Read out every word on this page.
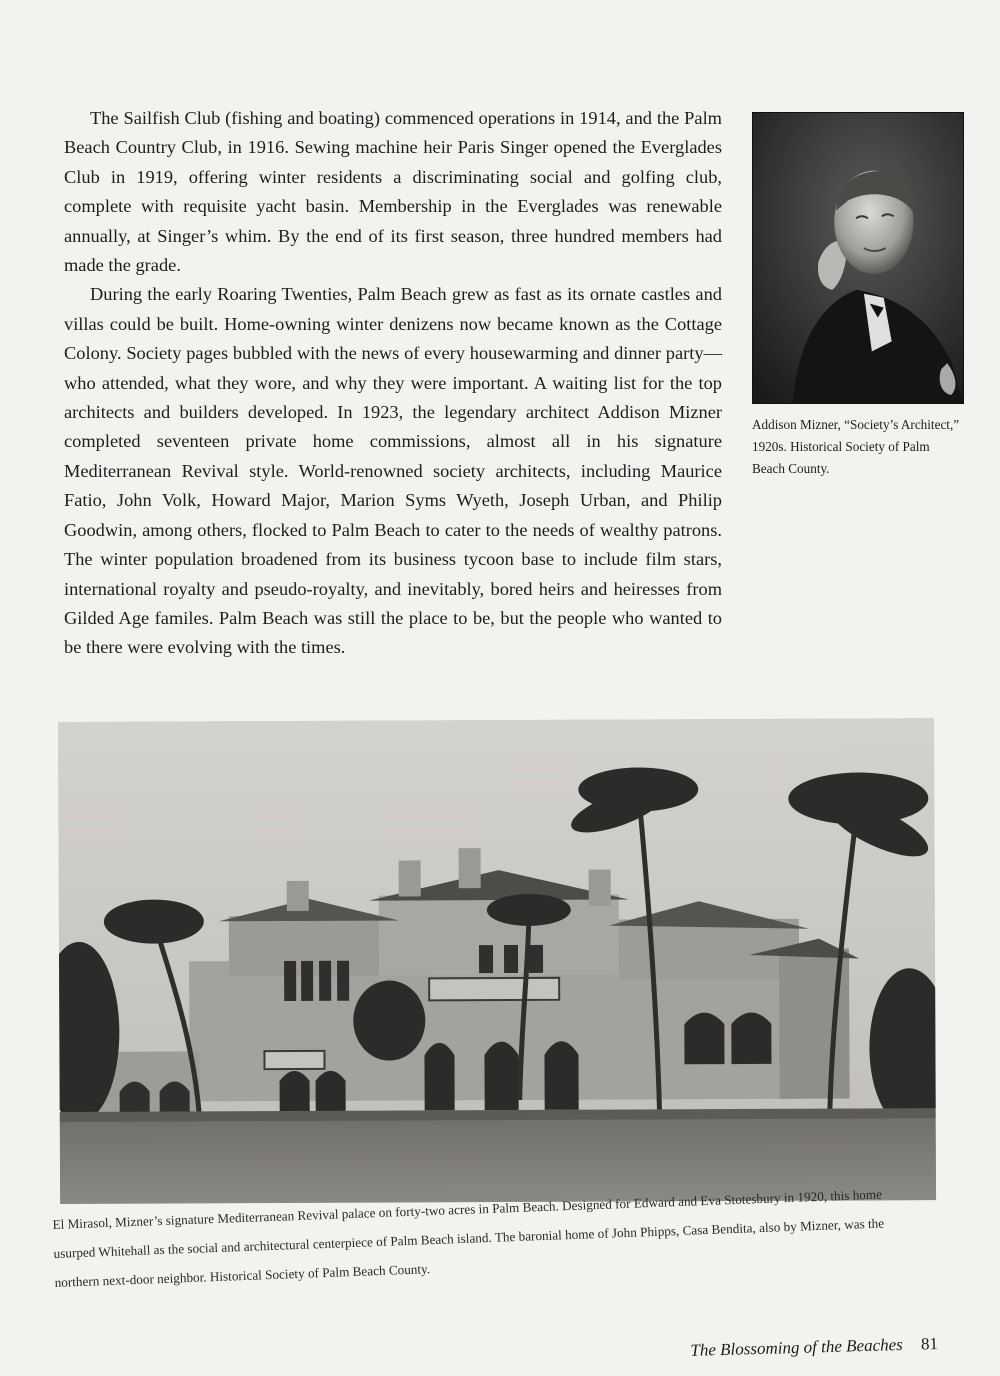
The Sailfish Club (fishing and boating) commenced operations in 1914, and the Palm Beach Country Club, in 1916. Sewing machine heir Paris Singer opened the Everglades Club in 1919, offering winter residents a discriminating social and golfing club, complete with requisite yacht basin. Membership in the Everglades was renewable annually, at Singer’s whim. By the end of its first season, three hundred members had made the grade.

During the early Roaring Twenties, Palm Beach grew as fast as its ornate castles and villas could be built. Home-owning winter denizens now became known as the Cottage Colony. Society pages bubbled with the news of every housewarming and dinner party—who attended, what they wore, and why they were important. A waiting list for the top architects and builders developed. In 1923, the legendary architect Addison Mizner completed seventeen private home commissions, almost all in his signature Mediterranean Revival style. World-renowned society architects, including Maurice Fatio, John Volk, Howard Major, Marion Syms Wyeth, Joseph Urban, and Philip Goodwin, among others, flocked to Palm Beach to cater to the needs of wealthy patrons. The winter population broadened from its business tycoon base to include film stars, international royalty and pseudo-royalty, and inevitably, bored heirs and heiresses from Gilded Age familes. Palm Beach was still the place to be, but the people who wanted to be there were evolving with the times.

Addison Mizner, “Society’s Architect,” 1920s. Historical Society of Palm Beach County.
El Mirasol, Mizner’s signature Mediterranean Revival palace on forty-two acres in Palm Beach. Designed for Edward and Eva Stotesbury in 1920, this home usurped Whitehall as the social and architectural centerpiece of Palm Beach island. The baronial home of John Phipps, Casa Bendita, also by Mizner, was the northern next-door neighbor. Historical Society of Palm Beach County.
The Blossoming of the Beaches 81
